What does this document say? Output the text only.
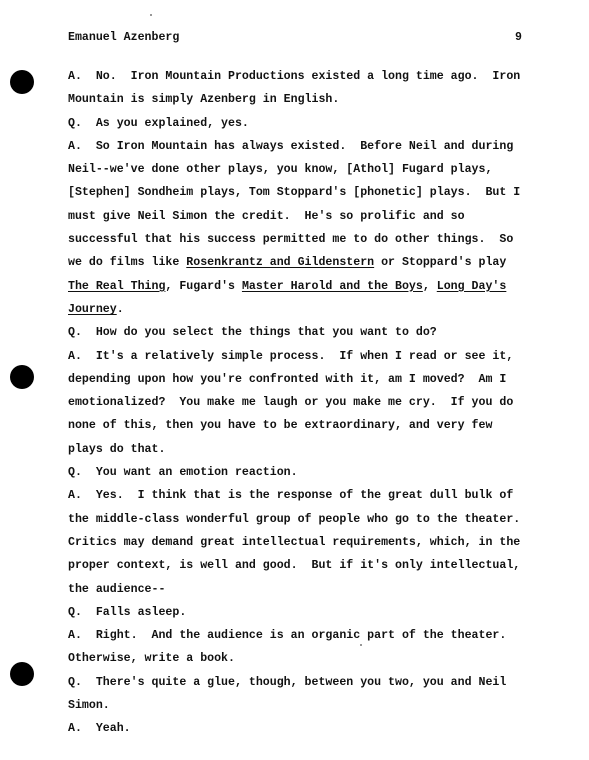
Emanuel Azenberg	9
A.  No.  Iron Mountain Productions existed a long time ago.  Iron
Mountain is simply Azenberg in English.
Q.  As you explained, yes.
A.  So Iron Mountain has always existed.  Before Neil and during
Neil--we've done other plays, you know, [Athol] Fugard plays,
[Stephen] Sondheim plays, Tom Stoppard's [phonetic] plays.  But I
must give Neil Simon the credit.  He's so prolific and so
successful that his success permitted me to do other things.  So
we do films like Rosenkrantz and Gildenstern or Stoppard's play
The Real Thing, Fugard's Master Harold and the Boys, Long Day's
Journey.
Q.  How do you select the things that you want to do?
A.  It's a relatively simple process.  If when I read or see it,
depending upon how you're confronted with it, am I moved?  Am I
emotionalized?  You make me laugh or you make me cry.  If you do
none of this, then you have to be extraordinary, and very few
plays do that.
Q.  You want an emotion reaction.
A.  Yes.  I think that is the response of the great dull bulk of
the middle-class wonderful group of people who go to the theater.
Critics may demand great intellectual requirements, which, in the
proper context, is well and good.  But if it's only intellectual,
the audience--
Q.  Falls asleep.
A.  Right.  And the audience is an organic part of the theater.
Otherwise, write a book.
Q.  There's quite a glue, though, between you two, you and Neil
Simon.
A.  Yeah.
